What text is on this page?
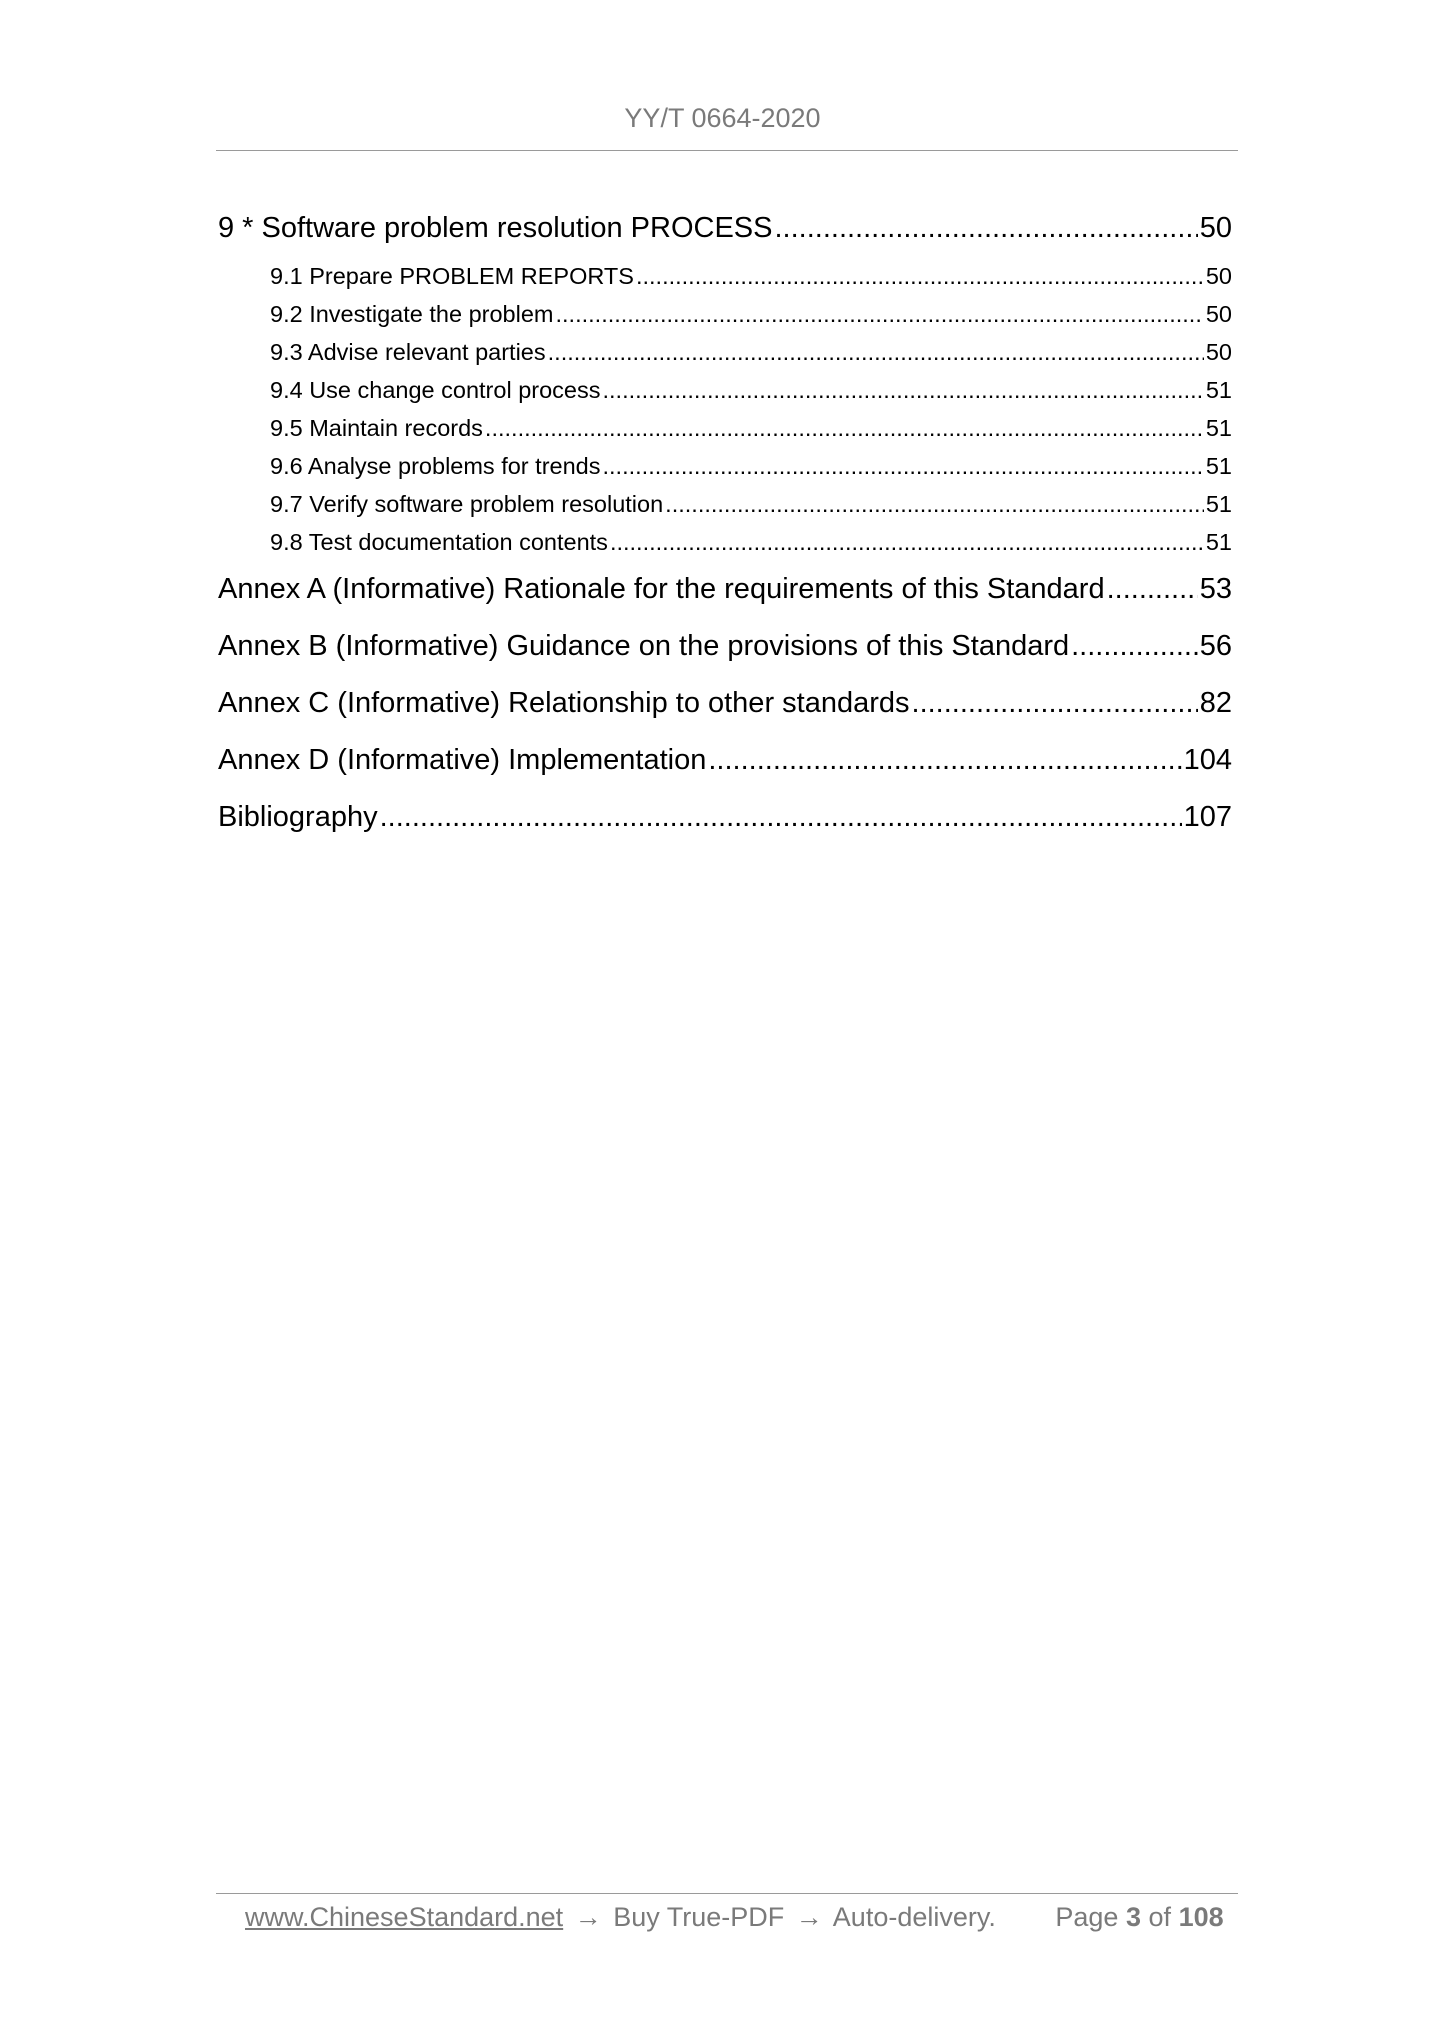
YY/T 0664-2020
9 * Software problem resolution PROCESS .....	50
9.1 Prepare PROBLEM REPORTS .....	50
9.2 Investigate the problem .....	50
9.3 Advise relevant parties .....	50
9.4 Use change control process .....	51
9.5 Maintain records .....	51
9.6 Analyse problems for trends .....	51
9.7 Verify software problem resolution .....	51
9.8 Test documentation contents .....	51
Annex A (Informative) Rationale for the requirements of this Standard .....	53
Annex B (Informative) Guidance on the provisions of this Standard .....	56
Annex C (Informative) Relationship to other standards .....	82
Annex D (Informative) Implementation .....	104
Bibliography .....	107
www.ChineseStandard.net → Buy True-PDF → Auto-delivery. Page 3 of 108
